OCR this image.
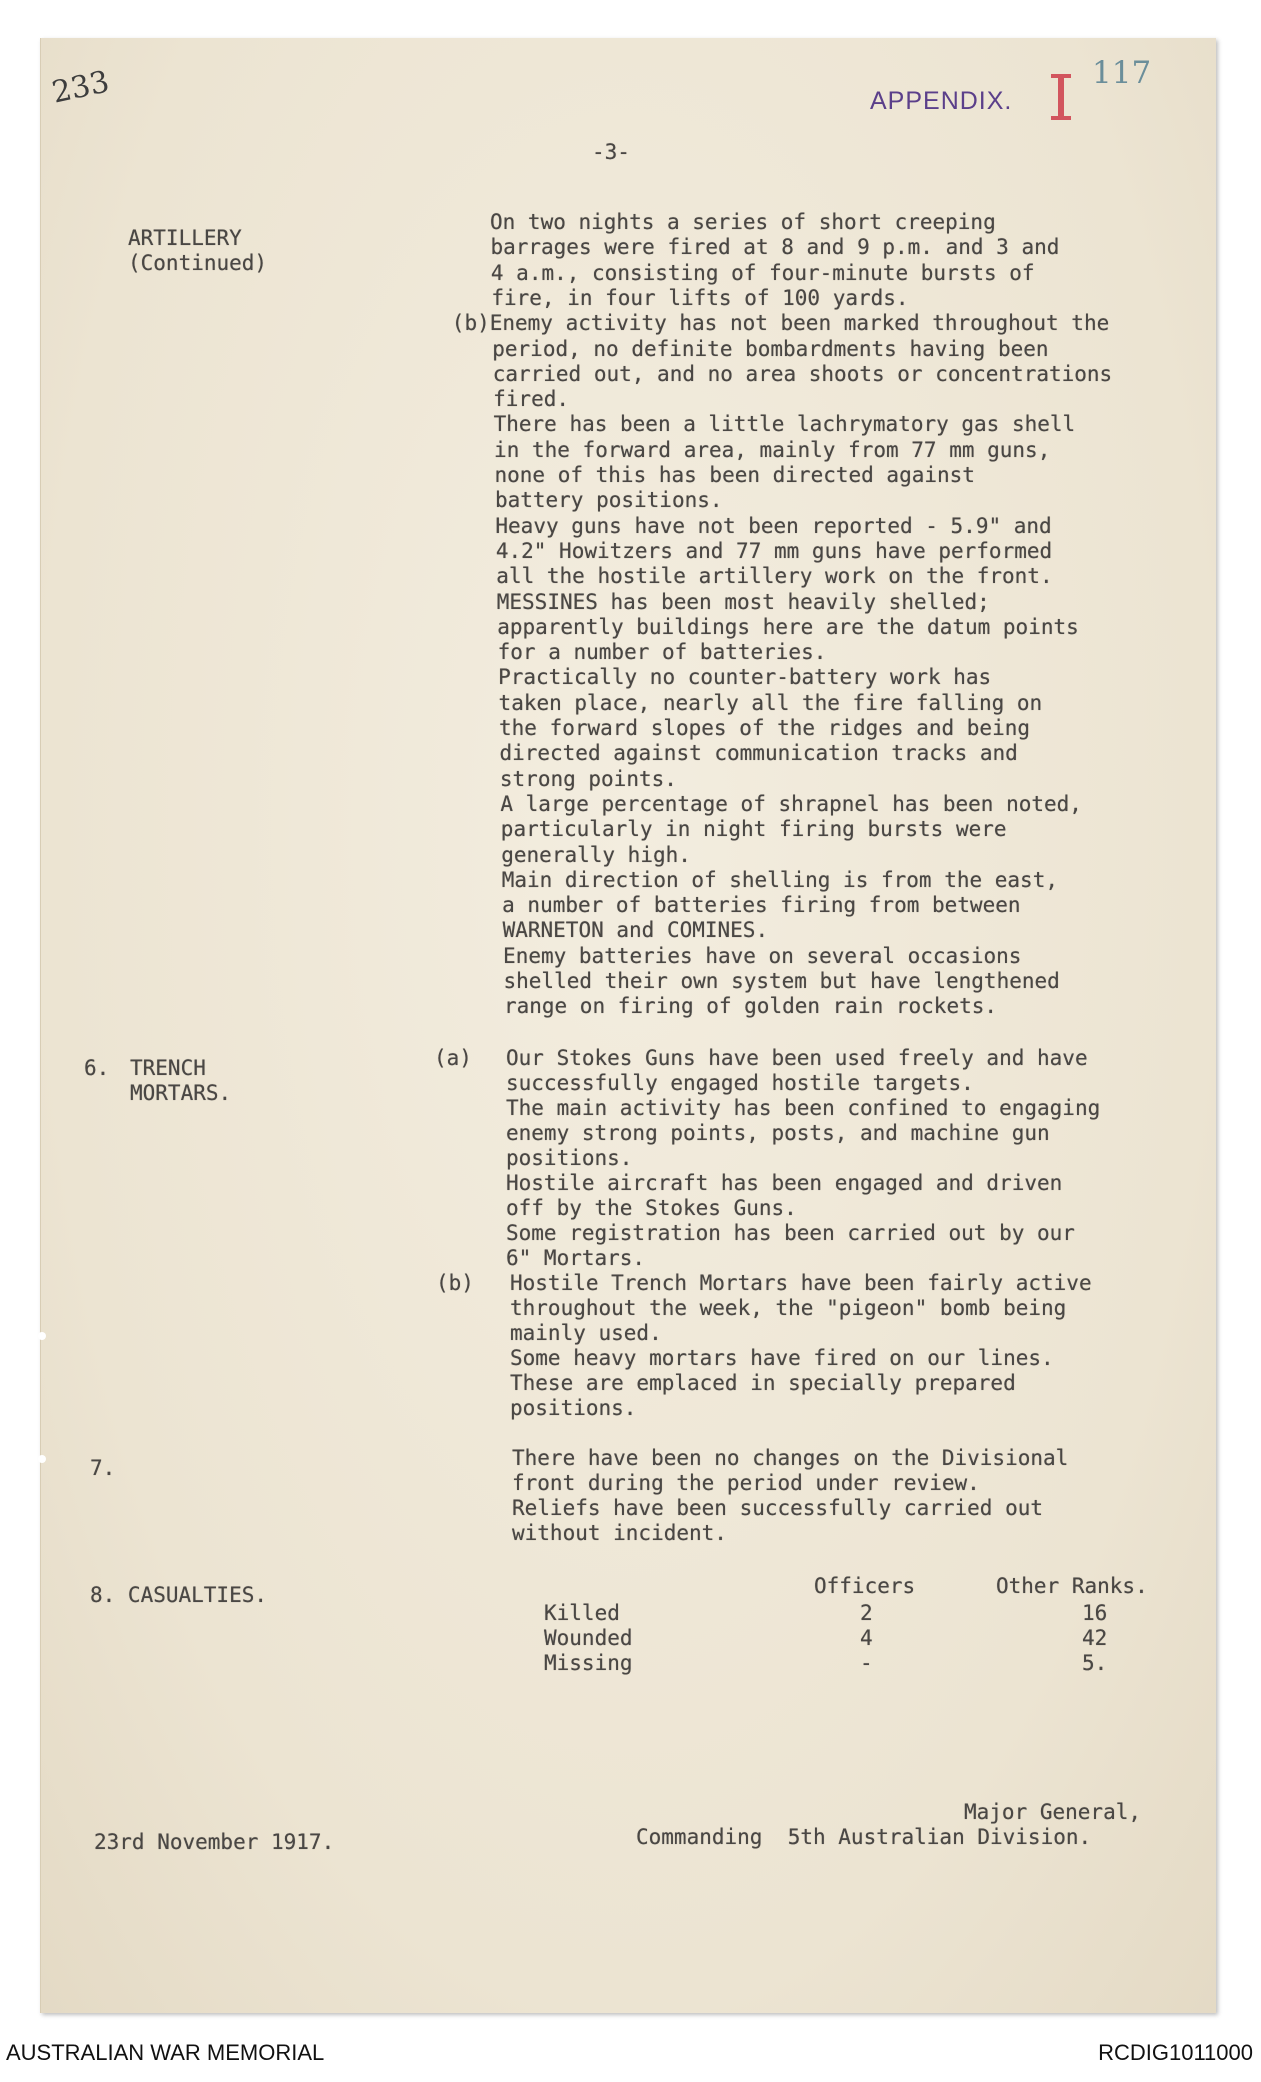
233	APPENDIX.
117
-3-
ARTILLERY
(Continued)
On two nights a series of short creeping
barrages were fired at 8 and 9 p.m. and 3 and
4 a.m., consisting of four-minute bursts of
fire, in four lifts of 100 yards.
(b)Enemy activity has not been marked throughout the
period, no definite bombardments having been
carried out, and no area shoots or concentrations
fired.
There has been a little lachrymatory gas shell
in the forward area, mainly from 77 mm guns,
none of this has been directed against
battery positions.
Heavy guns have not been reported - 5.9" and
4.2" Howitzers and 77 mm guns have performed
all the hostile artillery work on the front.
MESSINES has been most heavily shelled;
apparently buildings here are the datum points
for a number of batteries.
Practically no counter-battery work has
taken place, nearly all the fire falling on
the forward slopes of the ridges and being
directed against communication tracks and
strong points.
A large percentage of shrapnel has been noted,
particularly in night firing bursts were
generally high.
Main direction of shelling is from the east,
a number of batteries firing from between
WARNETON and COMINES.
Enemy batteries have on several occasions
shelled their own system but have lengthened
range on firing of golden rain rockets.
6. TRENCH
MORTARS.
(a) Our Stokes Guns have been used freely and have
successfully engaged hostile targets.
The main activity has been confined to engaging
enemy strong points, posts, and machine gun
positions.
Hostile aircraft has been engaged and driven
off by the Stokes Guns.
Some registration has been carried out by our
6" Mortars.
(b) Hostile Trench Mortars have been fairly active
throughout the week, the "pigeon" bomb being
mainly used.
Some heavy mortars have fired on our lines.
These are emplaced in specially prepared
positions.
7.	There have been no changes on the Divisional
front during the period under review.
Reliefs have been successfully carried out
without incident.
8. CASUALTIES.	Officers	Other Ranks.
Killed	2	16
Wounded	4	42
Missing	-	5.
23rd November 1917.
Major General,
Commanding  5th Australian Division.
AUSTRALIAN WAR MEMORIAL	RCDIG1011000
